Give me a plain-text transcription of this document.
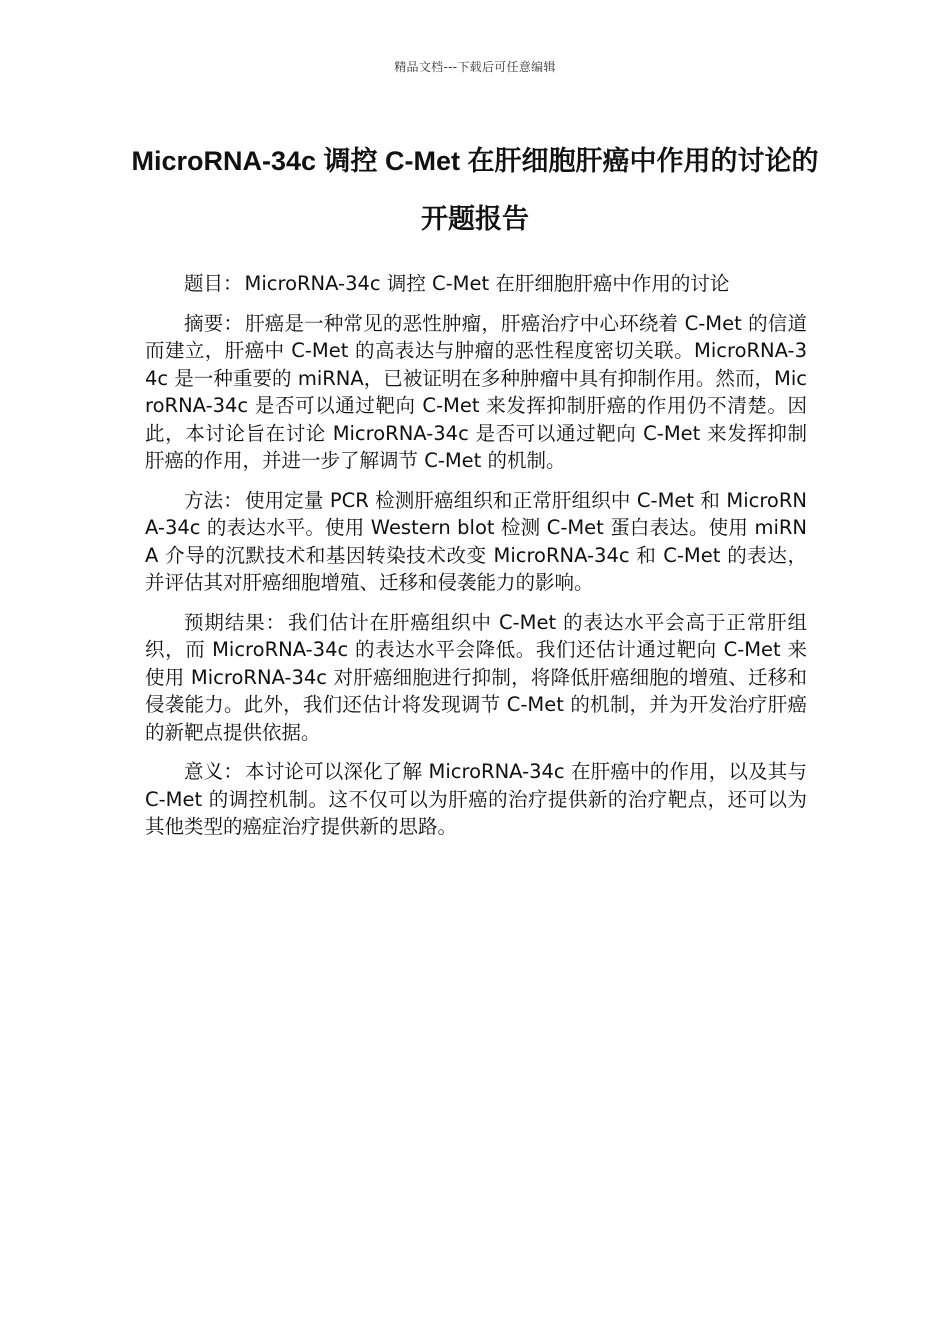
精品文档---下载后可任意编辑
MicroRNA-34c 调控 C-Met 在肝细胞肝癌中作用的讨论的开题报告

题目： MicroRNA-34c 调控 C-Met 在肝细胞肝癌中作用的讨论

摘要： 肝癌是一种常见的恶性肿瘤，肝癌治疗中心环绕着 C-Met 的信道而建立，肝癌中 C-Met 的高表达与肿瘤的恶性程度密切关联。MicroRNA-34c 是一种重要的 miRNA，已被证明在多种肿瘤中具有抑制作用。然而，MicroRNA-34c 是否可以通过靶向 C-Met 来发挥抑制肝癌的作用仍不清楚。因此，本讨论旨在讨论 MicroRNA-34c 是否可以通过靶向 C-Met 来发挥抑制肝癌的作用，并进一步了解调节 C-Met 的机制。

方法： 使用定量 PCR 检测肝癌组织和正常肝组织中 C-Met 和 MicroRNA-34c 的表达水平。使用 Western blot 检测 C-Met 蛋白表达。使用 miRNA 介导的沉默技术和基因转染技术改变 MicroRNA-34c 和 C-Met 的表达，并评估其对肝癌细胞增殖、迁移和侵袭能力的影响。

预期结果： 我们估计在肝癌组织中 C-Met 的表达水平会高于正常肝组织，而 MicroRNA-34c 的表达水平会降低。我们还估计通过靶向 C-Met 来使用 MicroRNA-34c 对肝癌细胞进行抑制，将降低肝癌细胞的增殖、迁移和侵袭能力。此外，我们还估计将发现调节 C-Met 的机制，并为开发治疗肝癌的新靶点提供依据。

意义： 本讨论可以深化了解 MicroRNA-34c 在肝癌中的作用，以及其与 C-Met 的调控机制。这不仅可以为肝癌的治疗提供新的治疗靶点，还可以为其他类型的癌症治疗提供新的思路。
